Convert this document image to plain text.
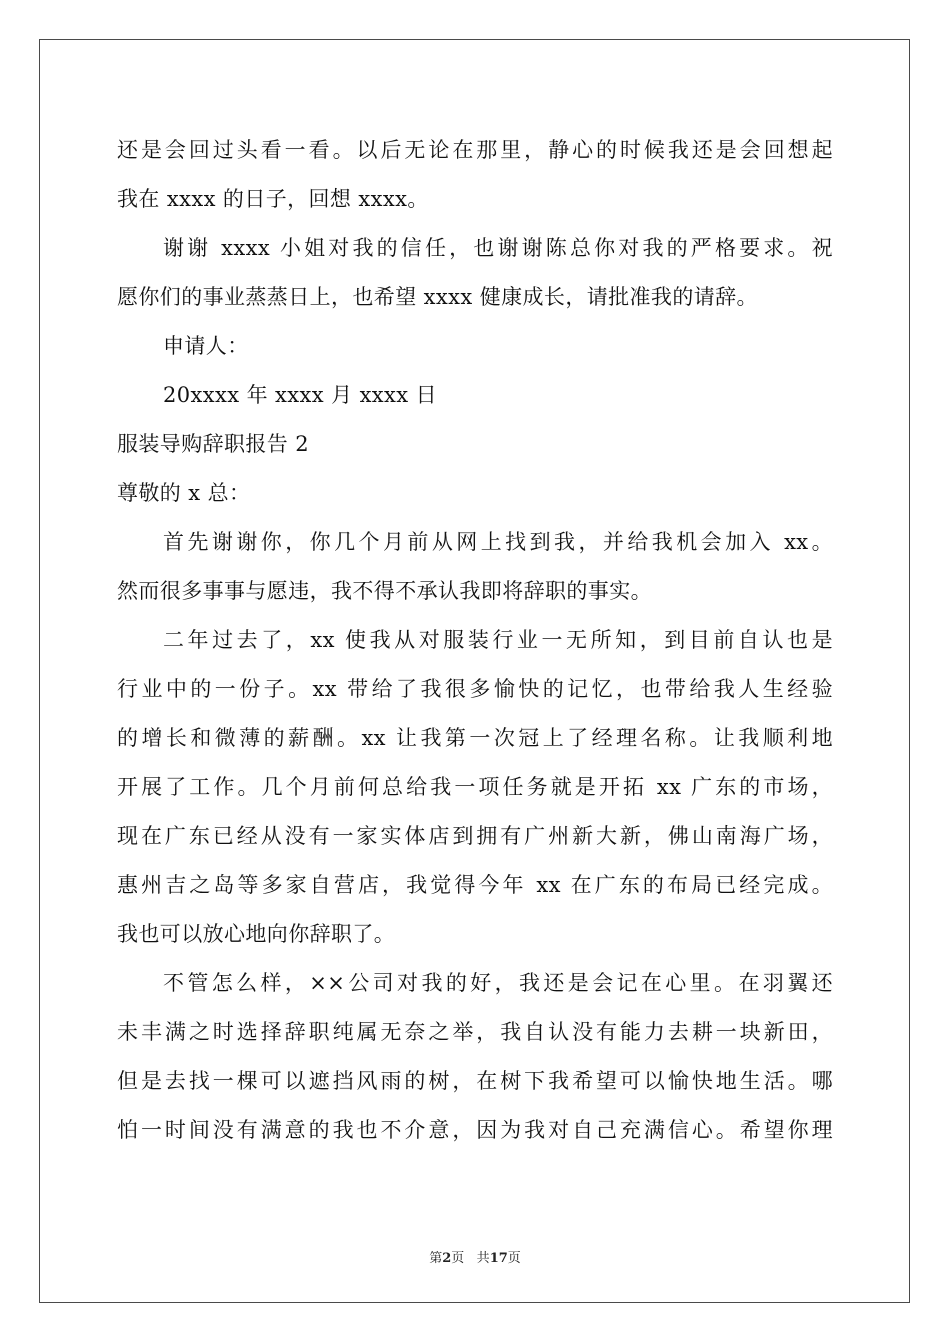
还是会回过头看一看。以后无论在那里，静心的时候我还是会回想起
我在 xxxx 的日子，回想 xxxx。
谢谢 xxxx 小姐对我的信任，也谢谢陈总你对我的严格要求。祝
愿你们的事业蒸蒸日上，也希望 xxxx 健康成长，请批准我的请辞。
申请人：
20xxxx 年 xxxx 月 xxxx 日
服装导购辞职报告 2
尊敬的 x 总：
首先谢谢你，你几个月前从网上找到我，并给我机会加入 xx。
然而很多事事与愿违，我不得不承认我即将辞职的事实。
二年过去了，xx 使我从对服装行业一无所知，到目前自认也是
行业中的一份子。xx 带给了我很多愉快的记忆，也带给我人生经验
的增长和微薄的薪酬。xx 让我第一次冠上了经理名称。让我顺利地
开展了工作。几个月前何总给我一项任务就是开拓 xx 广东的市场，
现在广东已经从没有一家实体店到拥有广州新大新，佛山南海广场，
惠州吉之岛等多家自营店，我觉得今年 xx 在广东的布局已经完成。
我也可以放心地向你辞职了。
不管怎么样，××公司对我的好，我还是会记在心里。在羽翼还
未丰满之时选择辞职纯属无奈之举，我自认没有能力去耕一块新田，
但是去找一棵可以遮挡风雨的树，在树下我希望可以愉快地生活。哪
怕一时间没有满意的我也不介意，因为我对自己充满信心。希望你理
第2页 共17页
